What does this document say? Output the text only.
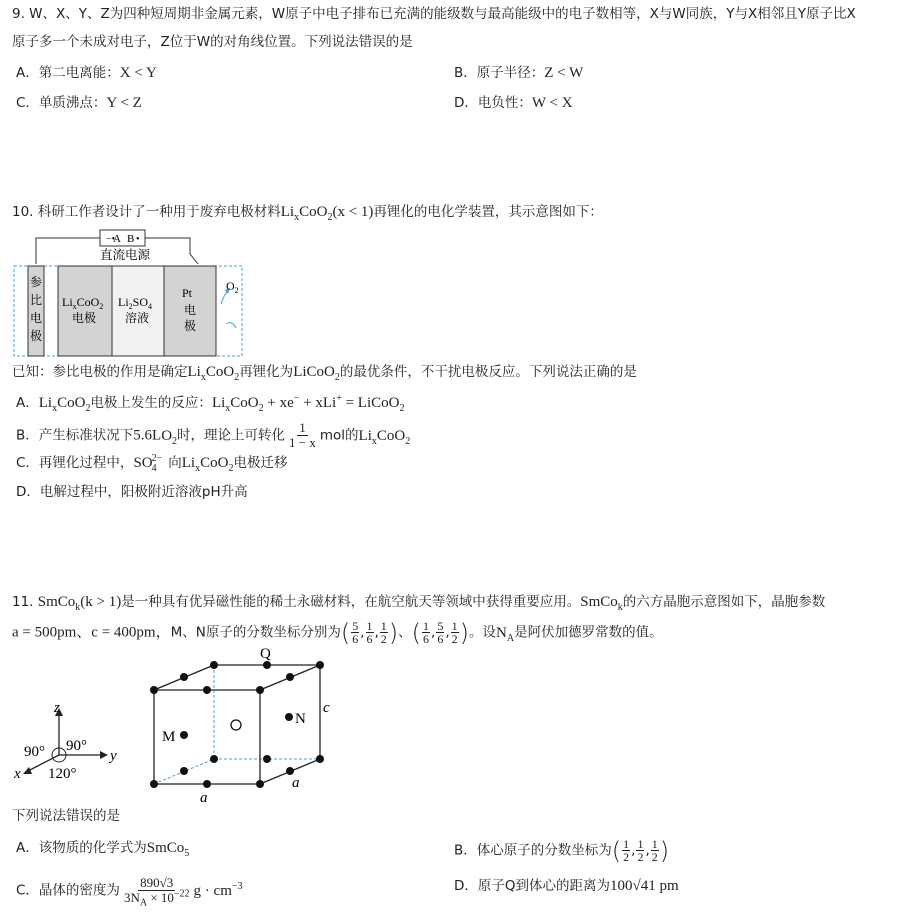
9. W、X、Y、Z为四种短周期非金属元素，W原子中电子排布已充满的能级数与最高能级中的电子数相等，X与W同族，Y与X相邻且Y原子比X
原子多一个未成对电子，Z位于W的对角线位置。下列说法错误的是
A．第二电离能：X < Y	B．原子半径：Z < W
C．单质沸点：Y < Z	D．电负性：W < X
10. 科研工作者设计了一种用于废弃电极材料$Li_xCoO_2(x < 1)$再锂化的电化学装置，其示意图如下：
−•
A B •
直流电源
参
比
电
极
$Li_xCoO_2$
电极
$Li_2SO_4$
溶液
Pt
电
极
$O_2$
已知：参比电极的作用是确定$Li_xCoO_2$再锂化为LiCoO$_2$的最优条件，不干扰电极反应。下列说法正确的是
A．$Li_xCoO_2$电极上发生的反应：$Li_xCoO_2 + xe^- + xLi^+$ = LiCoO$_2$
B．产生标准状况下$5.6LO_2$时，理论上可转化 $\frac{1}{1 - x}$ mol的$Li_xCoO_2$
C．再锂化过程中，$SO_4^{2-}$ 向$Li_xCoO_2$电极迁移
D．电解过程中，阳极附近溶液pH升高
11. SmCo$_k$(k > 1)是一种具有优异磁性能的稀土永磁材料，在航空航天等领域中获得重要应用。SmCo$_k$的六方晶胞示意图如下，晶胞参数
a = 500pm、c = 400pm，M、N原子的分数坐标分别为( $\frac{5}{6}$ , $\frac{1}{6}$ , $\frac{1}{2}$ )、( $\frac{1}{6}$ , $\frac{5}{6}$ , $\frac{1}{2}$ )。设$N_A$是阿伏加德罗常数的值。
z
y
x
90° 90°
120°
Q
M
N
c
a
a
下列说法错误的是
A．该物质的化学式为SmCo$_5$	B．体心原子的分数坐标为( $\frac{1}{2}$ , $\frac{1}{2}$ , $\frac{1}{2}$ )
C．晶体的密度为 $\frac{890√3}{3N_A \times 10^{-22}}$ $g \cdot cm^{-3}$	D．原子Q到体心的距离为100√41 pm
